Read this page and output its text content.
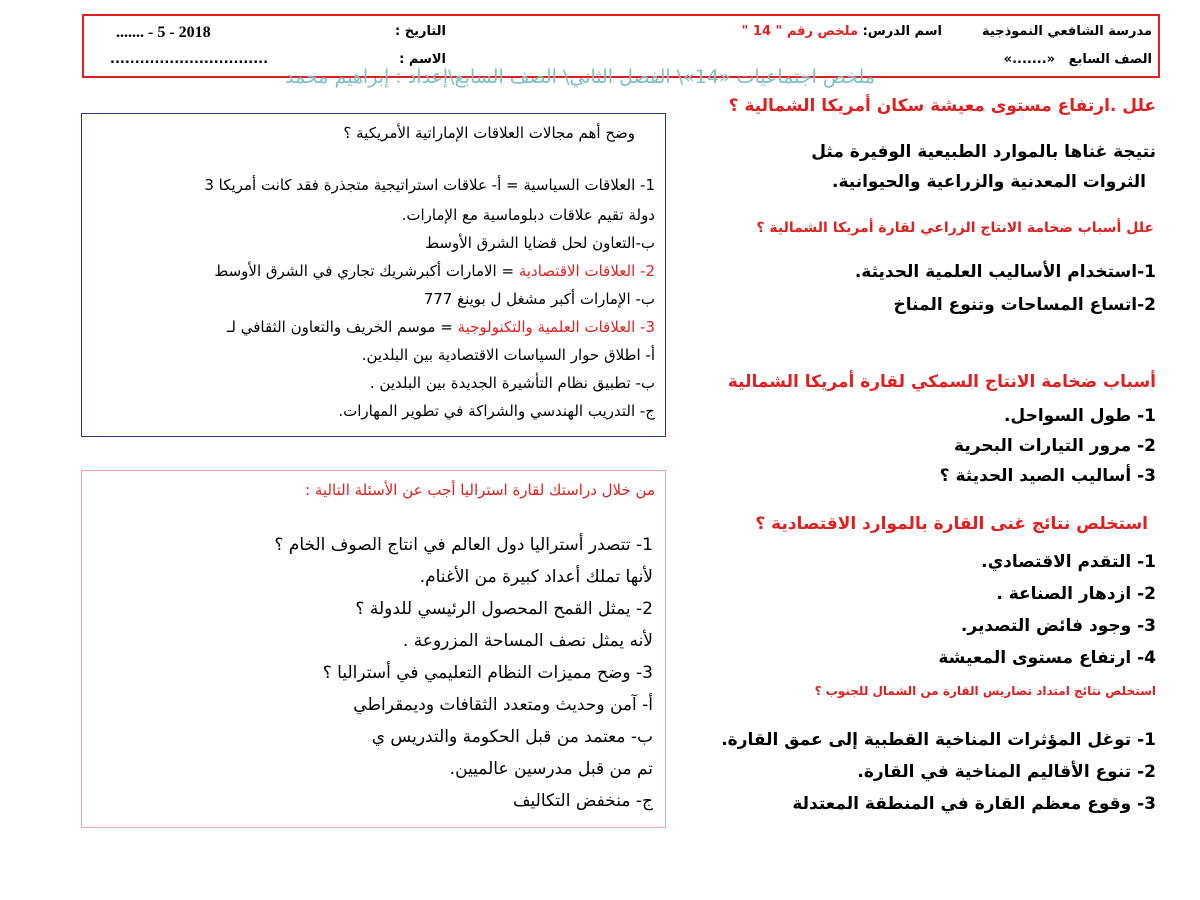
مدرسة الشافعي النموذجية
الصف السابع   «.......»
اسم الدرس: ملخص رقم " 14 "
التاريخ :
....... - 5 - 2018
الاسم :
................................
ملخص اجتماعيات «14»\ الفصل الثاني\ الصف السابع\إعداد : إبراهيم محمد
علل .ارتفاع مستوى معيشة سكان أمريكا الشمالية ؟
نتيجة غناها بالموارد الطبيعية الوفيرة مثل
الثروات المعدنية والزراعية والحيوانية.
علل أسباب ضخامة الانتاج الزراعي لقارة أمريكا الشمالية ؟
1-استخدام الأساليب العلمية الحديثة.
2-اتساع المساحات وتنوع المناخ
أسباب ضخامة الانتاج السمكي لقارة أمريكا الشمالية
1- طول السواحل.
2- مرور التيارات البحرية
3- أساليب الصيد الحديثة ؟
استخلص نتائج غنى القارة بالموارد الاقتصادية ؟
1- التقدم الاقتصادي.
2- ازدهار الصناعة .
3- وجود فائض التصدير.
4- ارتفاع مستوى المعيشة
استخلص نتائج امتداد تضاريس القارة من الشمال للجنوب ؟
1- توغل المؤثرات المناخية القطبية إلى عمق القارة.
2- تنوع الأقاليم المناخية في القارة.
3- وقوع معظم القارة في المنطقة المعتدلة
وضح أهم مجالات العلاقات الإماراتية الأمريكية ؟
1- العلاقات السياسية = أ- علاقات استراتيجية متجذرة فقد كانت أمريكا 3
دولة تقيم علاقات دبلوماسية مع الإمارات.
ب-التعاون لحل قضايا الشرق الأوسط
2- العلاقات الاقتصادية = الامارات أكبرشريك تجاري في الشرق الأوسط
ب- الإمارات أكبر مشغل ل بوينغ 777
3- العلاقات العلمية والتكنولوجية = موسم الخريف والتعاون الثقافي لـ
أ- اطلاق حوار السياسات الاقتصادية بين البلدين.
ب- تطبيق نظام التأشيرة الجديدة بين البلدين .
ج- التدريب الهندسي والشراكة في تطوير المهارات.
من خلال دراستك لقارة استراليا أجب عن الأسئلة التالية :
1- تتصدر أستراليا دول العالم في انتاج الصوف الخام ؟
لأنها تملك أعداد كبيرة من الأغنام.
2- يمثل القمح المحصول الرئيسي للدولة ؟
لأنه يمثل نصف المساحة المزروعة .
3- وضح مميزات النظام التعليمي في أستراليا ؟
أ- آمن وحديث ومتعدد الثقافات وديمقراطي
ب- معتمد من قبل الحكومة والتدريس ي
تم من قبل مدرسين عالميين.
ج- منخفض التكاليف
